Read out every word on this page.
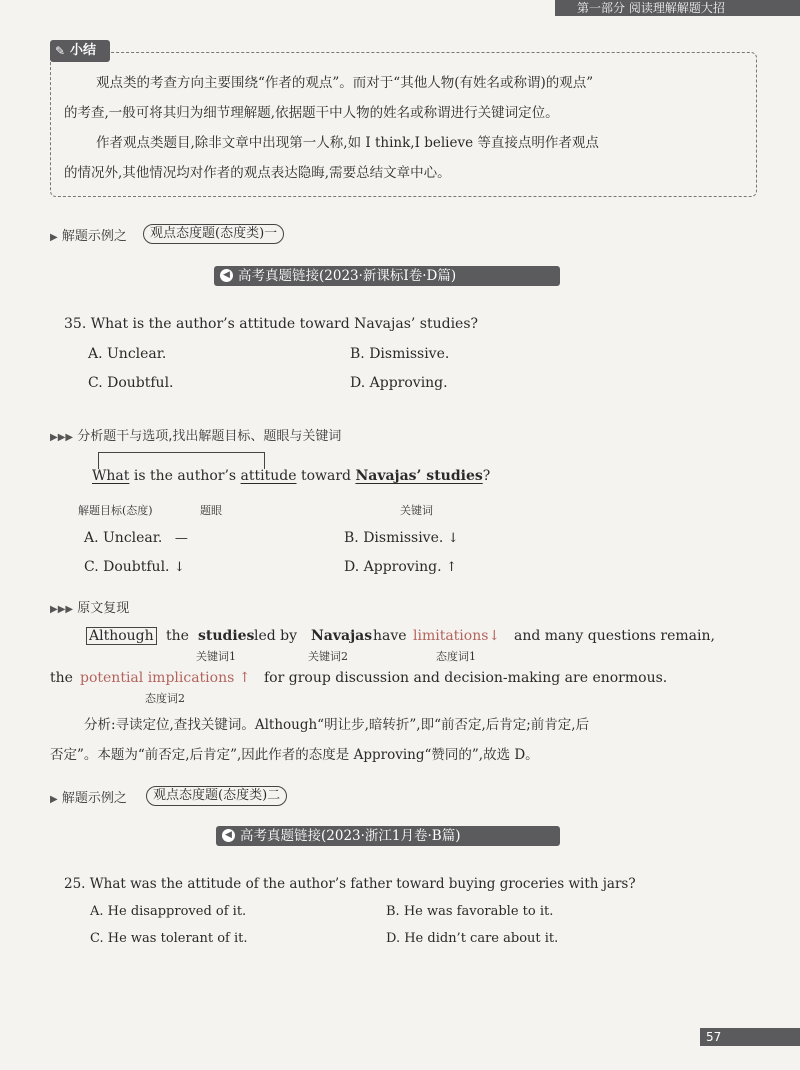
第一部分 阅读理解解题大招
小结
✎
观点类的考查方向主要围绕“作者的观点”。而对于“其他人物(有姓名或称谓)的观点”
的考查,一般可将其归为细节理解题,依据题干中人物的姓名或称谓进行关键词定位。
作者观点类题目,除非文章中出现第一人称,如 I think,I believe 等直接点明作者观点
的情况外,其他情况均对作者的观点表达隐晦,需要总结文章中心。
▶ 解题示例之	观点态度题(态度类)一
◀ 高考真题链接(2023·新课标Ⅰ卷·D篇)
35. What is the author’s attitude toward Navajas’ studies?
A. Unclear.	B. Dismissive.
C. Doubtful.	D. Approving.
▶▶▶ 分析题干与选项,找出解题目标、题眼与关键词
What is the author’s attitude toward Navajas’ studies?
解题目标(态度)	题眼	关键词
A. Unclear. —	B. Dismissive. ↓
C. Doubtful. ↓	D. Approving. ↑
▶▶▶ 原文复现
Although the studies led by Navajas have limitations↓ and many questions remain,
关键词1	关键词2	态度词1
the potential implications ↑ for group discussion and decision-making are enormous.
态度词2
分析:寻读定位,查找关键词。Although“明让步,暗转折”,即“前否定,后肯定;前肯定,后
否定”。本题为“前否定,后肯定”,因此作者的态度是 Approving“赞同的”,故选 D。
▶ 解题示例之	观点态度题(态度类)二
◀ 高考真题链接(2023·浙江1月卷·B篇)
25. What was the attitude of the author’s father toward buying groceries with jars?
A. He disapproved of it.	B. He was favorable to it.
C. He was tolerant of it.	D. He didn’t care about it.
57
